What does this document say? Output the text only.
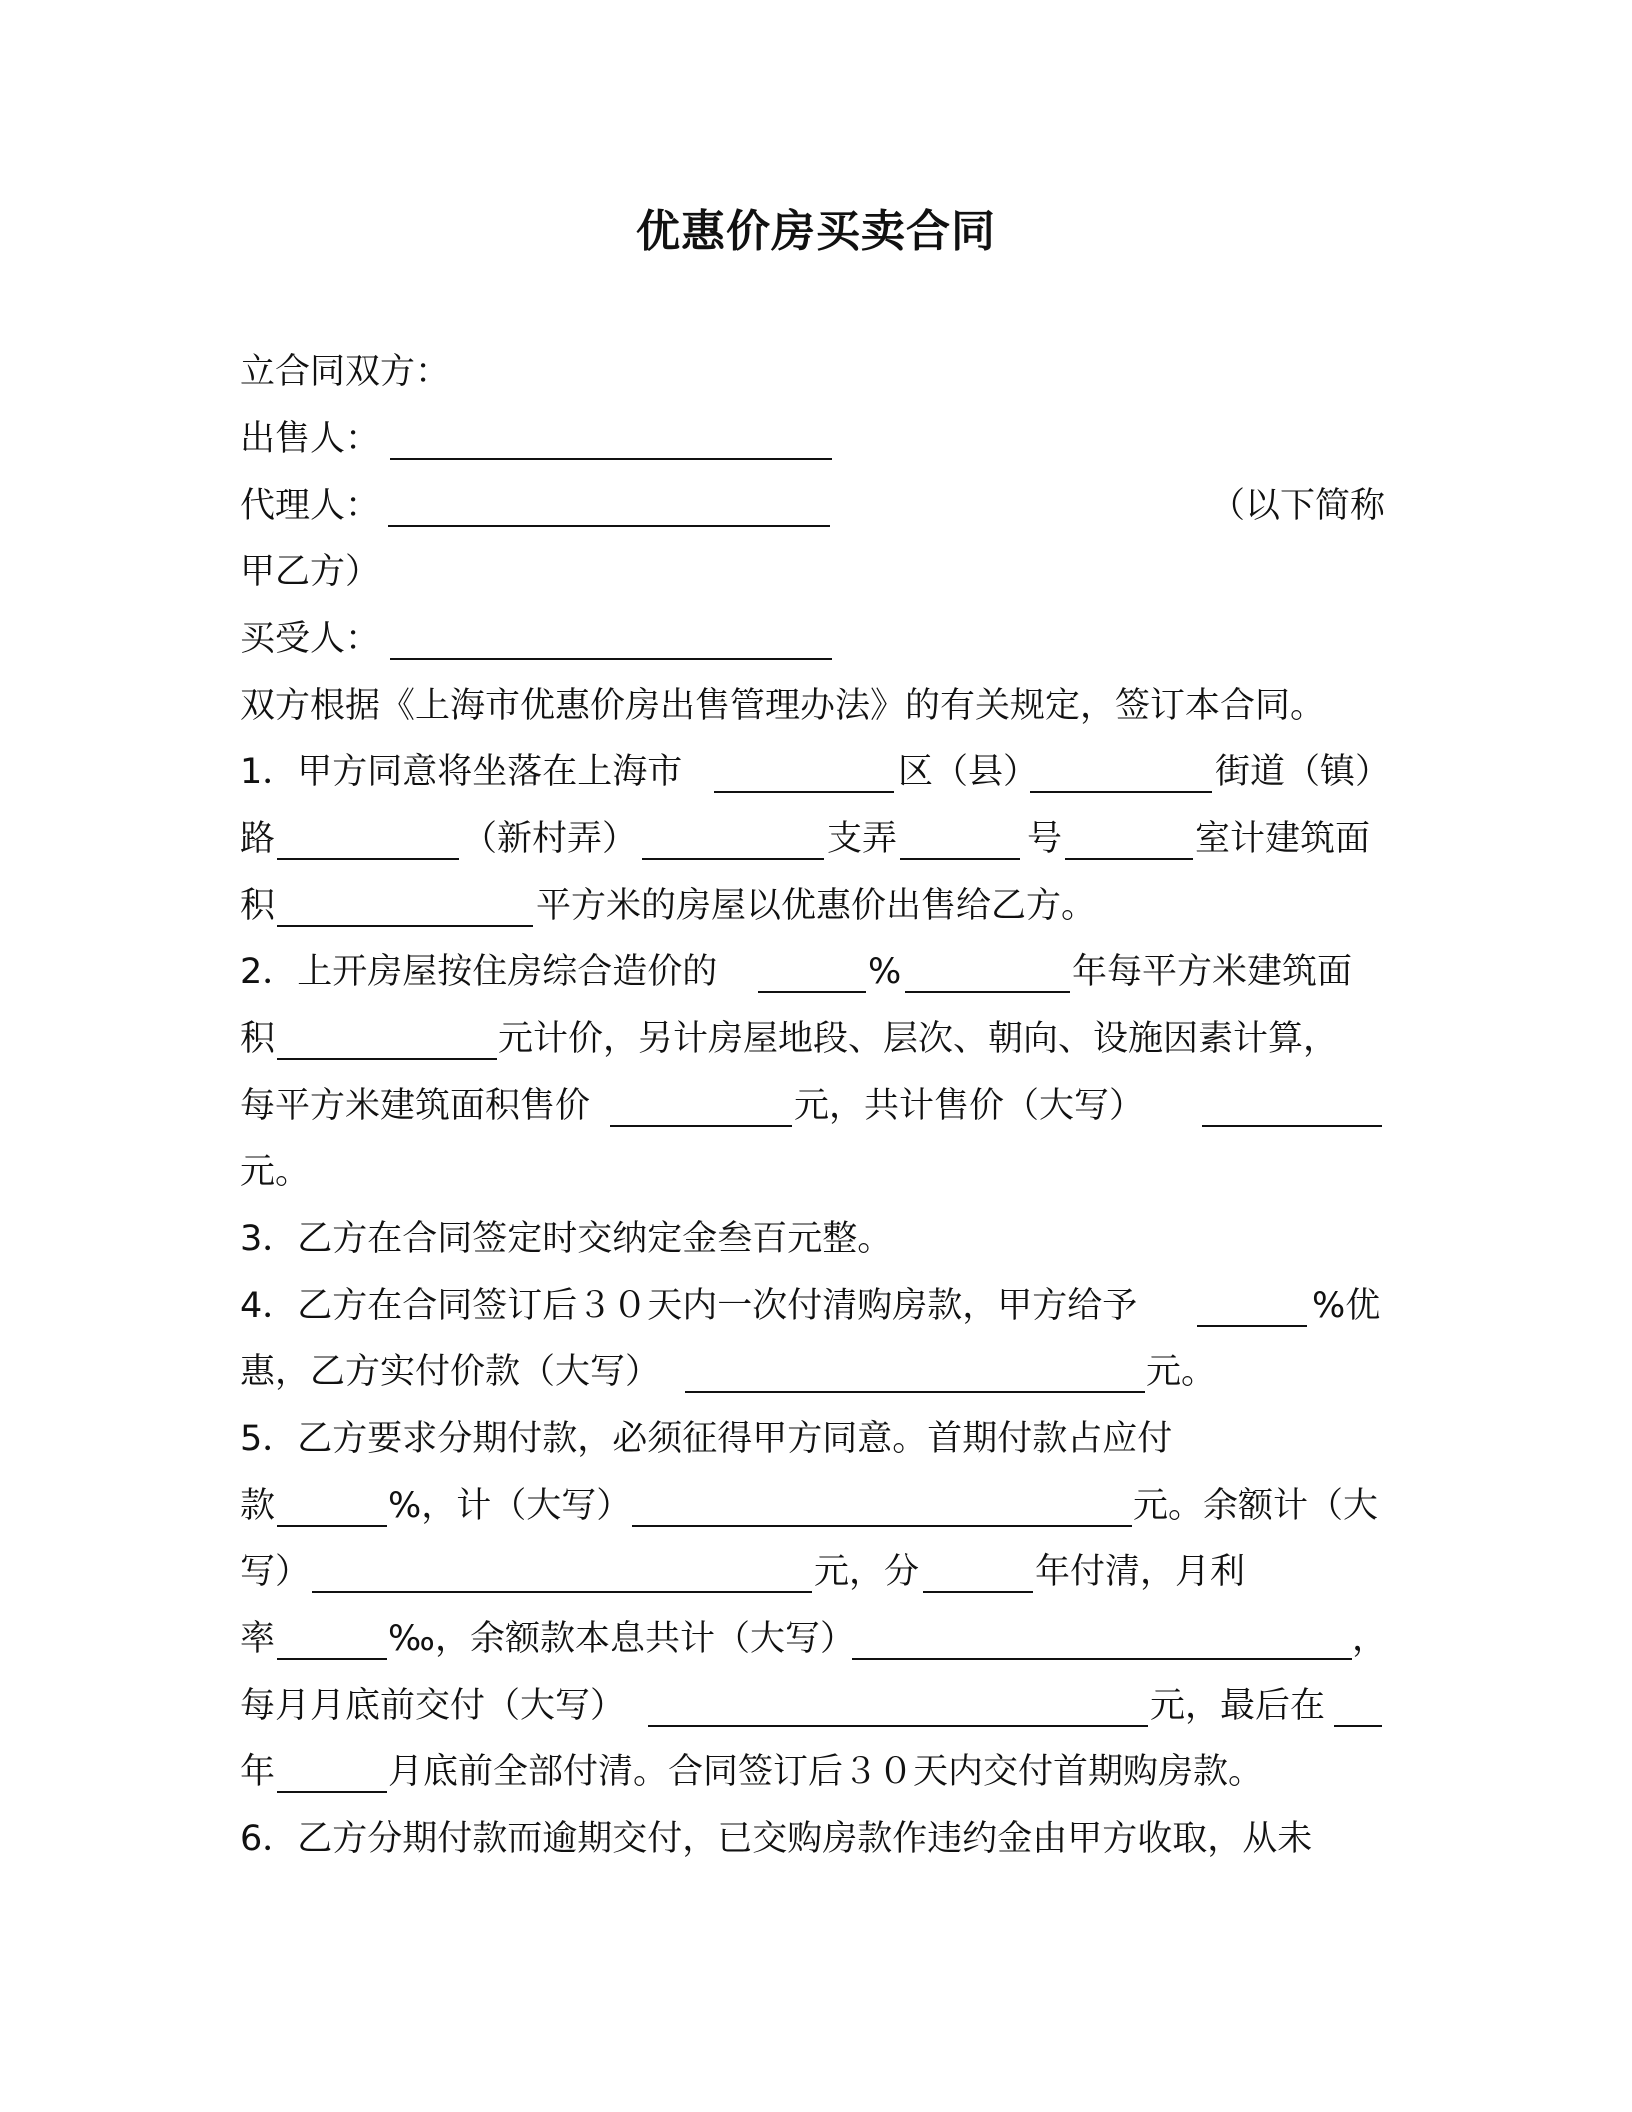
优惠价房买卖合同
立合同双方：
出售人：
代理人：	（以下简称
甲乙方）
买受人：
双方根据《上海市优惠价房出售管理办法》的有关规定，签订本合同。
1．甲方同意将坐落在上海市	区（县）	街道（镇）
路	（新村弄）	支弄	号	室计建筑面
积	平方米的房屋以优惠价出售给乙方。
2．上开房屋按住房综合造价的	%	年每平方米建筑面
积	元计价，另计房屋地段、层次、朝向、设施因素计算，
每平方米建筑面积售价	元，共计售价（大写）
元。
3．乙方在合同签定时交纳定金叁百元整。
4．乙方在合同签订后３０天内一次付清购房款，甲方给予	%优
惠，乙方实付价款（大写）	元。
5．乙方要求分期付款，必须征得甲方同意。首期付款占应付
款	%，计（大写）	元。余额计（大
写）	元，分	年付清，月利
率	‰，余额款本息共计（大写）	，
每月月底前交付（大写）	元，最后在
年	月底前全部付清。合同签订后３０天内交付首期购房款。
6．乙方分期付款而逾期交付，已交购房款作违约金由甲方收取，从未
